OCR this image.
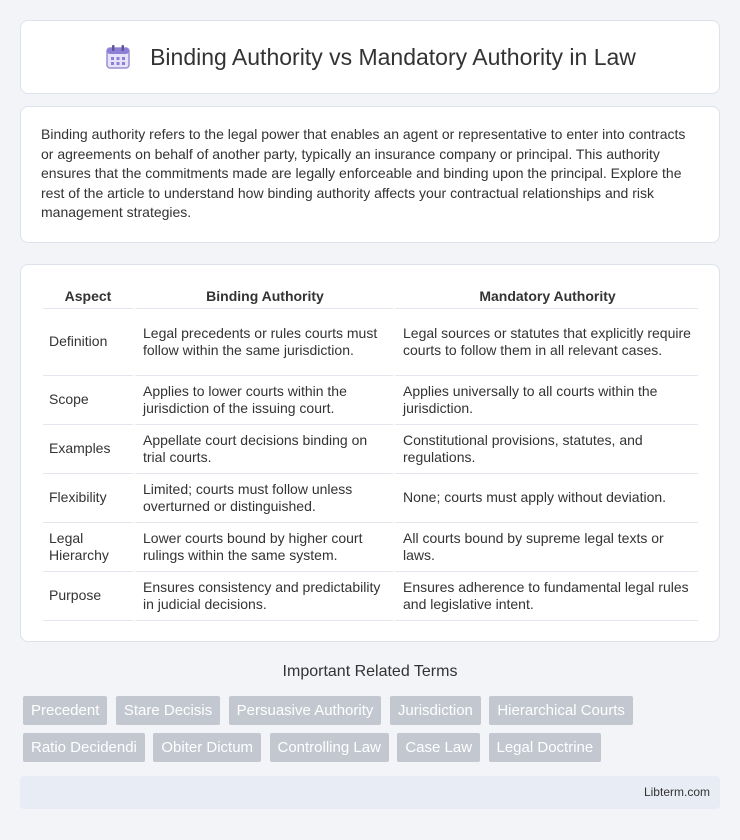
Binding Authority vs Mandatory Authority in Law

Binding authority refers to the legal power that enables an agent or representative to enter into contracts or agreements on behalf of another party, typically an insurance company or principal. This authority ensures that the commitments made are legally enforceable and binding upon the principal. Explore the rest of the article to understand how binding authority affects your contractual relationships and risk management strategies.

Aspect	Binding Authority	Mandatory Authority
Definition	Legal precedents or rules courts must follow within the same jurisdiction.	Legal sources or statutes that explicitly require courts to follow them in all relevant cases.
Scope	Applies to lower courts within the jurisdiction of the issuing court.	Applies universally to all courts within the jurisdiction.
Examples	Appellate court decisions binding on trial courts.	Constitutional provisions, statutes, and regulations.
Flexibility	Limited; courts must follow unless overturned or distinguished.	None; courts must apply without deviation.
Legal Hierarchy	Lower courts bound by higher court rulings within the same system.	All courts bound by supreme legal texts or laws.
Purpose	Ensures consistency and predictability in judicial decisions.	Ensures adherence to fundamental legal rules and legislative intent.
Important Related Terms
Precedent Stare Decisis Persuasive Authority Jurisdiction Hierarchical Courts Ratio Decidendi Obiter Dictum Controlling Law Case Law Legal Doctrine
Libterm.com
